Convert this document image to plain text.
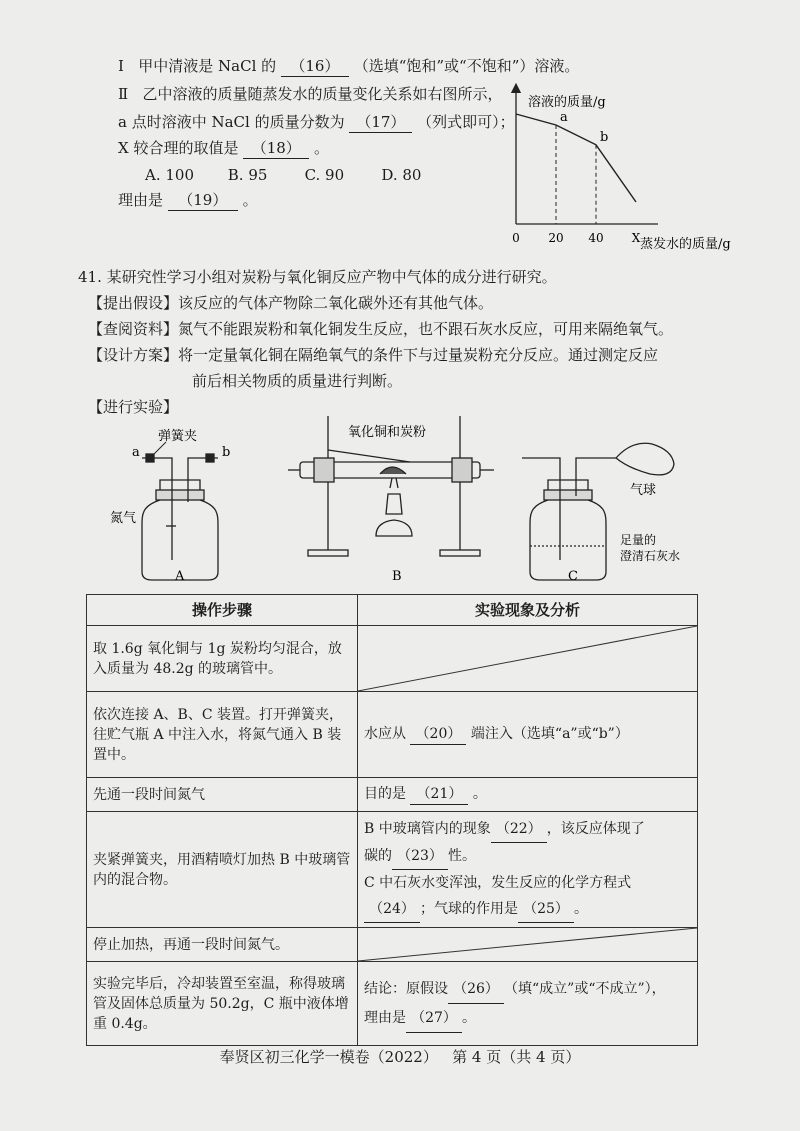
Ⅰ 甲中清液是 NaCl 的 （16） （选填“饱和”或“不饱和”）溶液。
Ⅱ 乙中溶液的质量随蒸发水的质量变化关系如右图所示，
a 点时溶液中 NaCl 的质量分数为 （17） （列式即可）；
X 较合理的取值是 （18） 。
A. 100 B. 95 C. 90 D. 80
理由是 （19） 。
溶液的质量/g
蒸发水的质量/g
a
b
0 20 40 X
41. 某研究性学习小组对炭粉与氧化铜反应产物中气体的成分进行研究。
【提出假设】该反应的气体产物除二氧化碳外还有其他气体。
【查阅资料】氮气不能跟炭粉和氧化铜发生反应，也不跟石灰水反应，可用来隔绝氧气。
【设计方案】将一定量氧化铜在隔绝氧气的条件下与过量炭粉充分反应。通过测定反应
前后相关物质的质量进行判断。
【进行实验】
弹簧夹
a	b
氮气
A
氧化铜和炭粉
B
气球
足量的
澄清石灰水
C
操作步骤	实验现象及分析
取 1.6g 氧化铜与 1g 炭粉均匀混合，放入质量为 48.2g 的玻璃管中。	

依次连接 A、B、C 装置。打开弹簧夹，往贮气瓶 A 中注入水，将氮气通入 B 装置中。	水应从 （20） 端注入（选填“a”或“b”）
先通一段时间氮气	目的是 （21） 。
夹紧弹簧夹，用酒精喷灯加热 B 中玻璃管内的混合物。	B 中玻璃管内的现象 （22） ，该反应体现了
碳的 （23） 性。
C 中石灰水变浑浊，发生反应的化学方程式
（24） ；气球的作用是 （25） 。

停止加热，再通一段时间氮气。	

实验完毕后，冷却装置至室温，称得玻璃管及固体总质量为 50.2g，C 瓶中液体增重 0.4g。	结论：原假设 （26） （填“成立”或“不成立”），
理由是 （27） 。
奉贤区初三化学一模卷（2022） 第 4 页（共 4 页）
